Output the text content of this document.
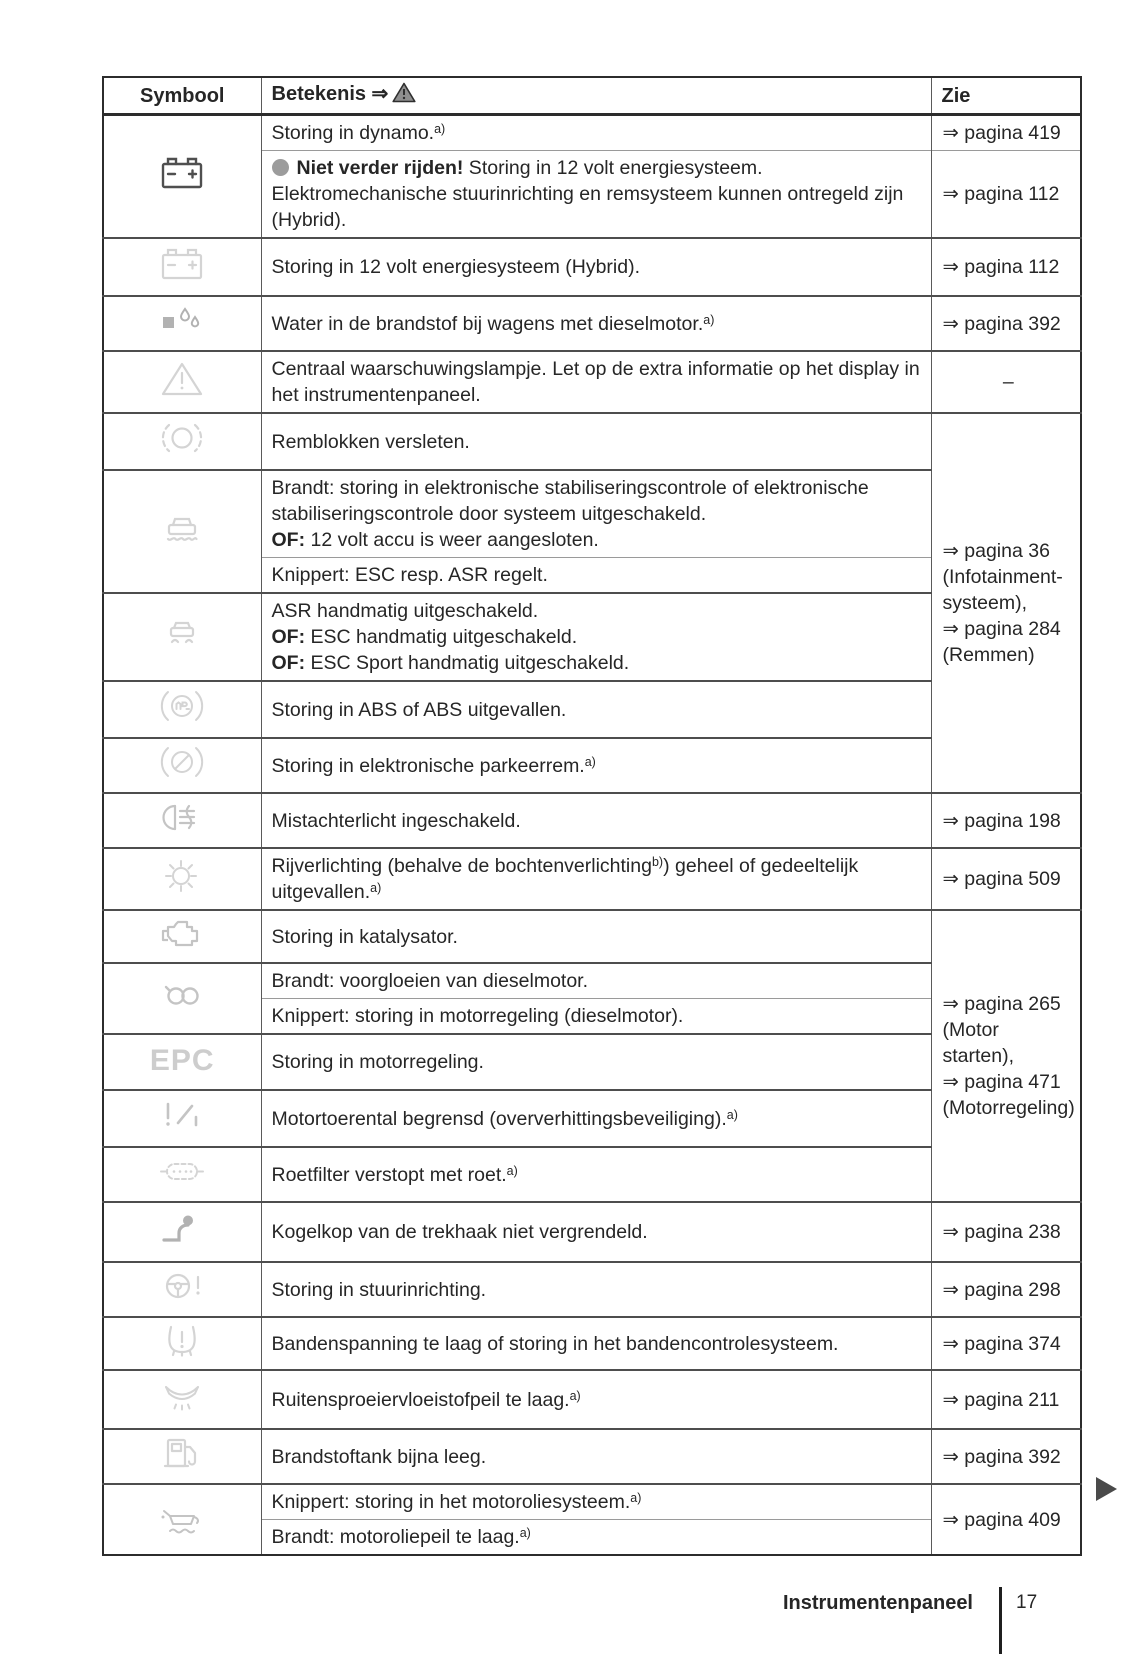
Symbool	Betekenis ⇒	Zie
	Storing in dynamo.$^{a)}$	⇒ pagina 419
	Niet verder rijden! Storing in 12 volt energiesysteem. Elektromechanische stuurinrichting en remsysteem kunnen ontregeld zijn (Hybrid).	⇒ pagina 112
	Storing in 12 volt energiesysteem (Hybrid).	⇒ pagina 112
	Water in de brandstof bij wagens met dieselmotor.$^{a)}$	⇒ pagina 392
	Centraal waarschuwingslampje. Let op de extra informatie op het display in het instrumentenpaneel.	–
	Remblokken versleten.	⇒ pagina 36 (Infotainment-systeem),
⇒ pagina 284 (Remmen)
	Brandt: storing in elektronische stabiliseringscontrole of elektronische stabiliseringscontrole door systeem uitgeschakeld.
OF: 12 volt accu is weer aangesloten.	
	Knippert: ESC resp. ASR regelt.	
	ASR handmatig uitgeschakeld.
OF: ESC handmatig uitgeschakeld.
OF: ESC Sport handmatig uitgeschakeld.	
	Storing in ABS of ABS uitgevallen.	
	Storing in elektronische parkeerrem.$^{a)}$
	Mistachterlicht ingeschakeld.	⇒ pagina 198
	Rijverlichting (behalve de bochtenverlichting$^{b)}$) geheel of gedeeltelijk uitgevallen.$^{a)}$	⇒ pagina 509
	Storing in katalysator.	⇒ pagina 265 (Motor starten),
⇒ pagina 471 (Motorregeling)
	Brandt: voorgloeien van dieselmotor.	
	Knippert: storing in motorregeling (dieselmotor).	
EPC	Storing in motorregeling.	
	Motortoerental begrensd (oververhittingsbeveiliging).$^{a)}$
	Roetfilter verstopt met roet.$^{a)}$
	Kogelkop van de trekhaak niet vergrendeld.	⇒ pagina 238
	Storing in stuurinrichting.	⇒ pagina 298
	Bandenspanning te laag of storing in het bandencontrolesysteem.	⇒ pagina 374
	Ruitensproeiervloeistofpeil te laag.$^{a)}$	⇒ pagina 211
	Brandstoftank bijna leeg.	⇒ pagina 392
	Knippert: storing in het motoroliesysteem.$^{a)}$	⇒ pagina 409
	Brandt: motoroliepeil te laag.$^{a)}$
Instrumentenpaneel 17
